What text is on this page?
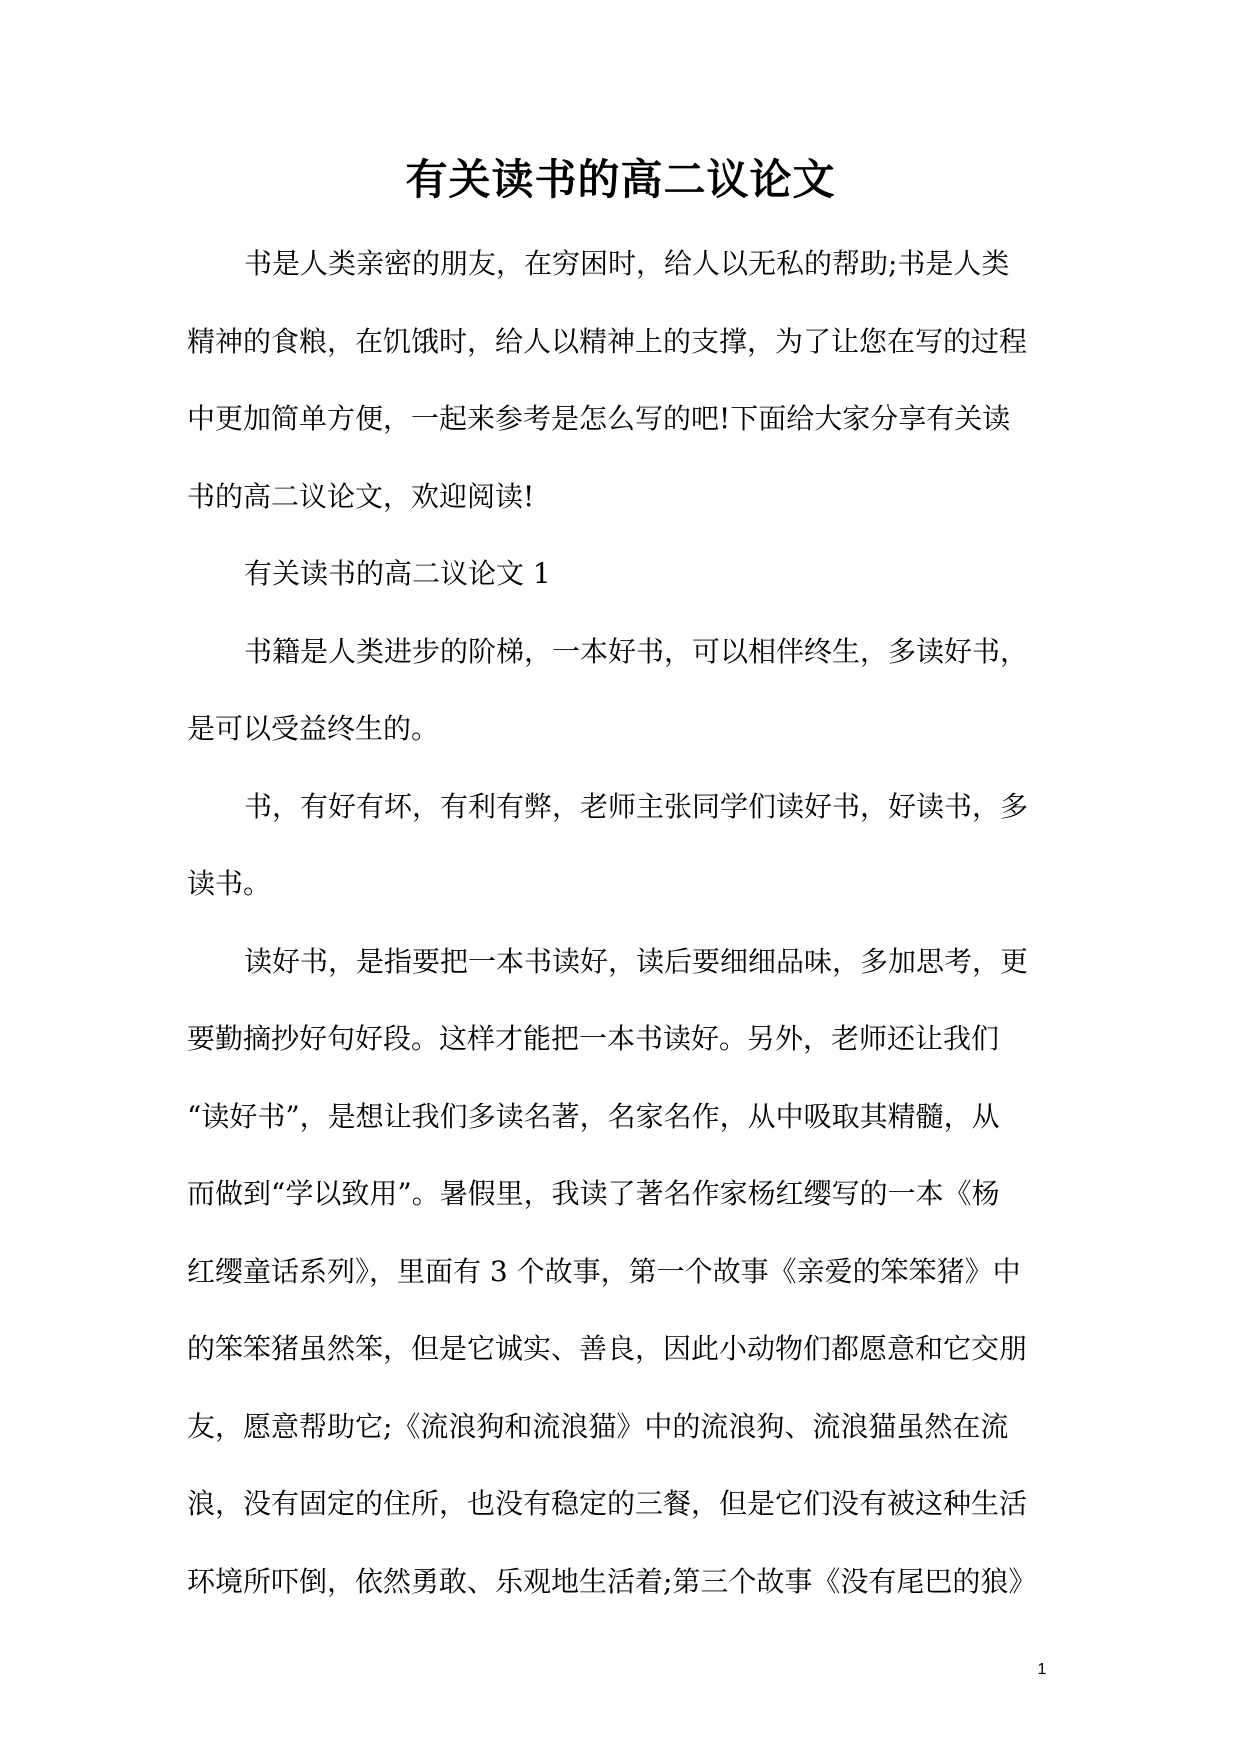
有关读书的高二议论文

书是人类亲密的朋友，在穷困时，给人以无私的帮助;书是人类

精神的食粮，在饥饿时，给人以精神上的支撑，为了让您在写的过程

中更加简单方便，一起来参考是怎么写的吧!下面给大家分享有关读

书的高二议论文，欢迎阅读!

有关读书的高二议论文 1

书籍是人类进步的阶梯，一本好书，可以相伴终生，多读好书，

是可以受益终生的。

书，有好有坏，有利有弊，老师主张同学们读好书，好读书，多

读书。

读好书，是指要把一本书读好，读后要细细品味，多加思考，更

要勤摘抄好句好段。这样才能把一本书读好。另外，老师还让我们

“读好书”，是想让我们多读名著，名家名作，从中吸取其精髓，从

而做到“学以致用”。暑假里，我读了著名作家杨红缨写的一本《杨

红缨童话系列》，里面有 3 个故事，第一个故事《亲爱的笨笨猪》中

的笨笨猪虽然笨，但是它诚实、善良，因此小动物们都愿意和它交朋

友，愿意帮助它;《流浪狗和流浪猫》中的流浪狗、流浪猫虽然在流

浪，没有固定的住所，也没有稳定的三餐，但是它们没有被这种生活

环境所吓倒，依然勇敢、乐观地生活着;第三个故事《没有尾巴的狼》

1
